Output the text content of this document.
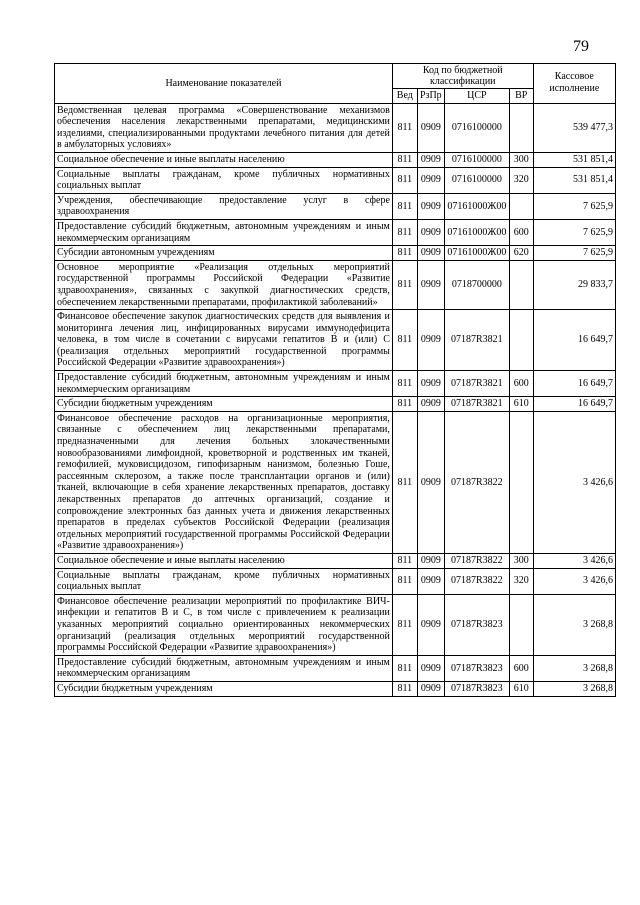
79
Наименование показателей	Код по бюджетной классификации				Кассовое исполнение
	Вед	РзПр	ЦСР	ВР	
Ведомственная целевая программа «Совершенствование механизмов обеспечения населения лекарственными препаратами, медицинскими изделиями, специализированными продуктами лечебного питания для детей в амбулаторных условиях»	811	0909	0716100000		539 477,3
Социальное обеспечение и иные выплаты населению	811	0909	0716100000	300	531 851,4
Социальные выплаты гражданам, кроме публичных нормативных социальных выплат	811	0909	0716100000	320	531 851,4
Учреждения, обеспечивающие предоставление услуг в сфере здравоохранения	811	0909	07161000Ж00		7 625,9
Предоставление субсидий бюджетным, автономным учреждениям и иным некоммерческим организациям	811	0909	07161000Ж00	600	7 625,9
Субсидии автономным учреждениям	811	0909	07161000Ж00	620	7 625,9
Основное мероприятие «Реализация отдельных мероприятий государственной программы Российской Федерации «Развитие здравоохранения», связанных с закупкой диагностических средств, обеспечением лекарственными препаратами, профилактикой заболеваний»	811	0909	0718700000		29 833,7
Финансовое обеспечение закупок диагностических средств для выявления и мониторинга лечения лиц, инфицированных вирусами иммунодефицита человека, в том числе в сочетании с вирусами гепатитов В и (или) С (реализация отдельных мероприятий государственной программы Российской Федерации «Развитие здравоохранения»)	811	0909	07187R3821		16 649,7
Предоставление субсидий бюджетным, автономным учреждениям и иным некоммерческим организациям	811	0909	07187R3821	600	16 649,7
Субсидии бюджетным учреждениям	811	0909	07187R3821	610	16 649,7
Финансовое обеспечение расходов на организационные мероприятия, связанные с обеспечением лиц лекарственными препаратами, предназначенными для лечения больных злокачественными новообразованиями лимфоидной, кроветворной и родственных им тканей, гемофилией, муковисцидозом, гипофизарным нанизмом, болезнью Гоше, рассеянным склерозом, а также после трансплантации органов и (или) тканей, включающие в себя хранение лекарственных препаратов, доставку лекарственных препаратов до аптечных организаций, создание и сопровождение электронных баз данных учета и движения лекарственных препаратов в пределах субъектов Российской Федерации (реализация отдельных мероприятий государственной программы Российской Федерации «Развитие здравоохранения»)	811	0909	07187R3822		3 426,6
Социальное обеспечение и иные выплаты населению	811	0909	07187R3822	300	3 426,6
Социальные выплаты гражданам, кроме публичных нормативных социальных выплат	811	0909	07187R3822	320	3 426,6
Финансовое обеспечение реализации мероприятий по профилактике ВИЧ-инфекции и гепатитов В и С, в том числе с привлечением к реализации указанных мероприятий социально ориентированных некоммерческих организаций (реализация отдельных мероприятий государственной программы Российской Федерации «Развитие здравоохранения»)	811	0909	07187R3823		3 268,8
Предоставление субсидий бюджетным, автономным учреждениям и иным некоммерческим организациям	811	0909	07187R3823	600	3 268,8
Субсидии бюджетным учреждениям	811	0909	07187R3823	610	3 268,8
